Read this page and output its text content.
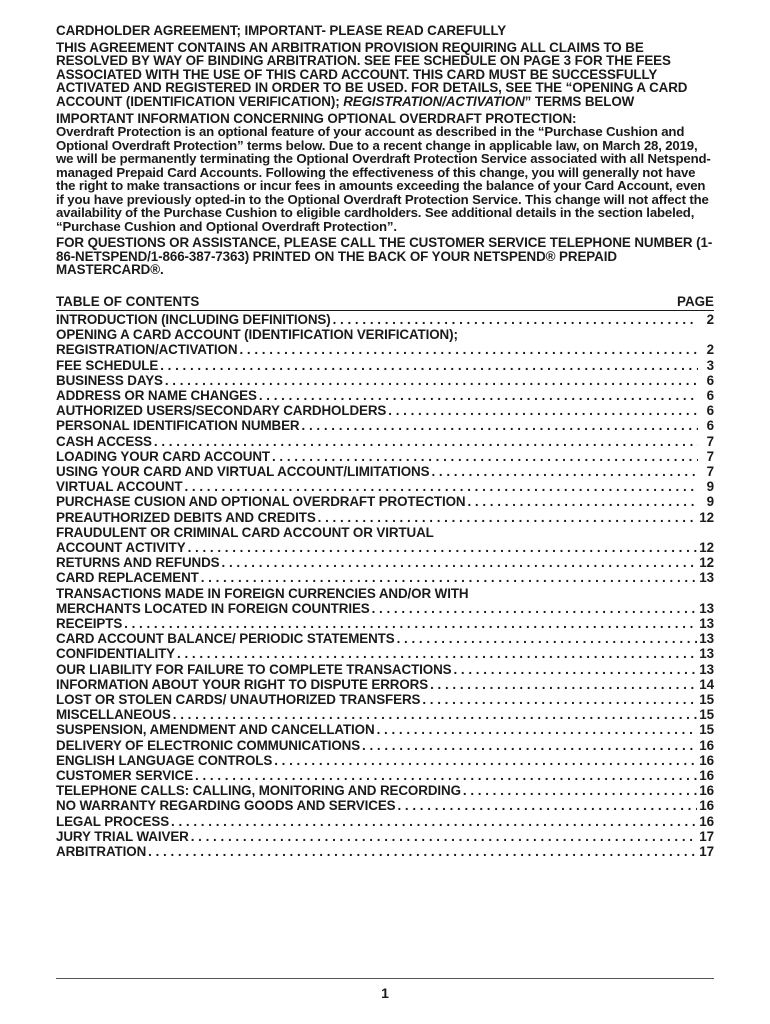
CARDHOLDER AGREEMENT; IMPORTANT- PLEASE READ CAREFULLY

THIS AGREEMENT CONTAINS AN ARBITRATION PROVISION REQUIRING ALL CLAIMS TO BE RESOLVED BY WAY OF BINDING ARBITRATION. SEE FEE SCHEDULE ON PAGE 3 FOR THE FEES ASSOCIATED WITH THE USE OF THIS CARD ACCOUNT. THIS CARD MUST BE SUCCESSFULLY ACTIVATED AND REGISTERED IN ORDER TO BE USED. FOR DETAILS, SEE THE “OPENING A CARD ACCOUNT (IDENTIFICATION VERIFICATION); REGISTRATION/ACTIVATION” TERMS BELOW

IMPORTANT INFORMATION CONCERNING OPTIONAL OVERDRAFT PROTECTION:

Overdraft Protection is an optional feature of your account as described in the “Purchase Cushion and Optional Overdraft Protection” terms below. Due to a recent change in applicable law, on March 28, 2019, we will be permanently terminating the Optional Overdraft Protection Service associated with all Netspend-managed Prepaid Card Accounts. Following the effectiveness of this change, you will generally not have the right to make transactions or incur fees in amounts exceeding the balance of your Card Account, even if you have previously opted-in to the Optional Overdraft Protection Service. This change will not affect the availability of the Purchase Cushion to eligible cardholders. See additional details in the section labeled, “Purchase Cushion and Optional Overdraft Protection”.

FOR QUESTIONS OR ASSISTANCE, PLEASE CALL THE CUSTOMER SERVICE TELEPHONE NUMBER (1-86-NETSPEND/1-866-387-7363) PRINTED ON THE BACK OF YOUR NETSPEND® PREPAID MASTERCARD®.

TABLE OF CONTENTS	PAGE
INTRODUCTION (INCLUDING DEFINITIONS) . . .	2
OPENING A CARD ACCOUNT (IDENTIFICATION VERIFICATION);
REGISTRATION/ACTIVATION . . .	2
FEE SCHEDULE . . .	3
BUSINESS DAYS . . .	6
ADDRESS OR NAME CHANGES . . .	6
AUTHORIZED USERS/SECONDARY CARDHOLDERS . . .	6
PERSONAL IDENTIFICATION NUMBER . . .	6
CASH ACCESS . . .	7
LOADING YOUR CARD ACCOUNT . . .	7
USING YOUR CARD AND VIRTUAL ACCOUNT/LIMITATIONS . . .	7
VIRTUAL ACCOUNT . . .	9
PURCHASE CUSION AND OPTIONAL OVERDRAFT PROTECTION . . .	9
PREAUTHORIZED DEBITS AND CREDITS . . .	12
FRAUDULENT OR CRIMINAL CARD ACCOUNT OR VIRTUAL
ACCOUNT ACTIVITY . . .	12
RETURNS AND REFUNDS . . .	12
CARD REPLACEMENT . . .	13
TRANSACTIONS MADE IN FOREIGN CURRENCIES AND/OR WITH
MERCHANTS LOCATED IN FOREIGN COUNTRIES . . .	13
RECEIPTS . . .	13
CARD ACCOUNT BALANCE/ PERIODIC STATEMENTS . . .	13
CONFIDENTIALITY . . .	13
OUR LIABILITY FOR FAILURE TO COMPLETE TRANSACTIONS . . .	13
INFORMATION ABOUT YOUR RIGHT TO DISPUTE ERRORS . . .	14
LOST OR STOLEN CARDS/ UNAUTHORIZED TRANSFERS . . .	15
MISCELLANEOUS . . .	15
SUSPENSION, AMENDMENT AND CANCELLATION . . .	15
DELIVERY OF ELECTRONIC COMMUNICATIONS . . .	16
ENGLISH LANGUAGE CONTROLS . . .	16
CUSTOMER SERVICE . . .	16
TELEPHONE CALLS: CALLING, MONITORING AND RECORDING . . .	16
NO WARRANTY REGARDING GOODS AND SERVICES . . .	16
LEGAL PROCESS . . .	16
JURY TRIAL WAIVER . . .	17
ARBITRATION . . .	17
1
